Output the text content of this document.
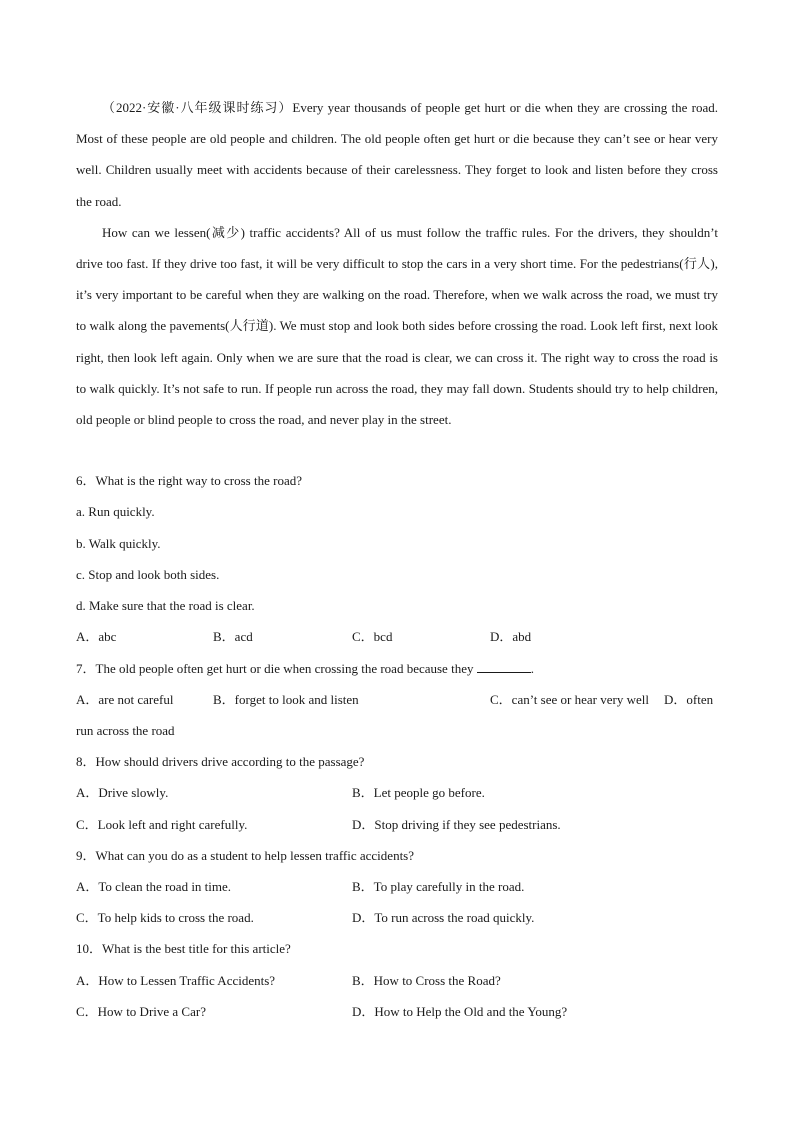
（2022·安徽·八年级课时练习）Every year thousands of people get hurt or die when they are crossing the road. Most of these people are old people and children. The old people often get hurt or die because they can’t see or hear very well. Children usually meet with accidents because of their carelessness. They forget to look and listen before they cross the road.

How can we lessen(减少) traffic accidents? All of us must follow the traffic rules. For the drivers, they shouldn’t drive too fast. If they drive too fast, it will be very difficult to stop the cars in a very short time. For the pedestrians(行人), it’s very important to be careful when they are walking on the road. Therefore, when we walk across the road, we must try to walk along the pavements(人行道). We must stop and look both sides before crossing the road. Look left first, next look right, then look left again. Only when we are sure that the road is clear, we can cross it. The right way to cross the road is to walk quickly. It’s not safe to run. If people run across the road, they may fall down. Students should try to help children, old people or blind people to cross the road, and never play in the street.

6．What is the right way to cross the road?
a. Run quickly.
b. Walk quickly.
c. Stop and look both sides.
d. Make sure that the road is clear.
A．abc	B．acd	C．bcd	D．abd
7．The old people often get hurt or die when crossing the road because they	.
A．are not careful	B．forget to look and listen	C．can’t see or hear very well D．often
run across the road
8．How should drivers drive according to the passage?
A．Drive slowly.	B．Let people go before.
C．Look left and right carefully.	D．Stop driving if they see pedestrians.
9．What can you do as a student to help lessen traffic accidents?
A．To clean the road in time.	B．To play carefully in the road.
C．To help kids to cross the road.	D．To run across the road quickly.
10．What is the best title for this article?
A．How to Lessen Traffic Accidents?	B．How to Cross the Road?
C．How to Drive a Car?	D．How to Help the Old and the Young?
